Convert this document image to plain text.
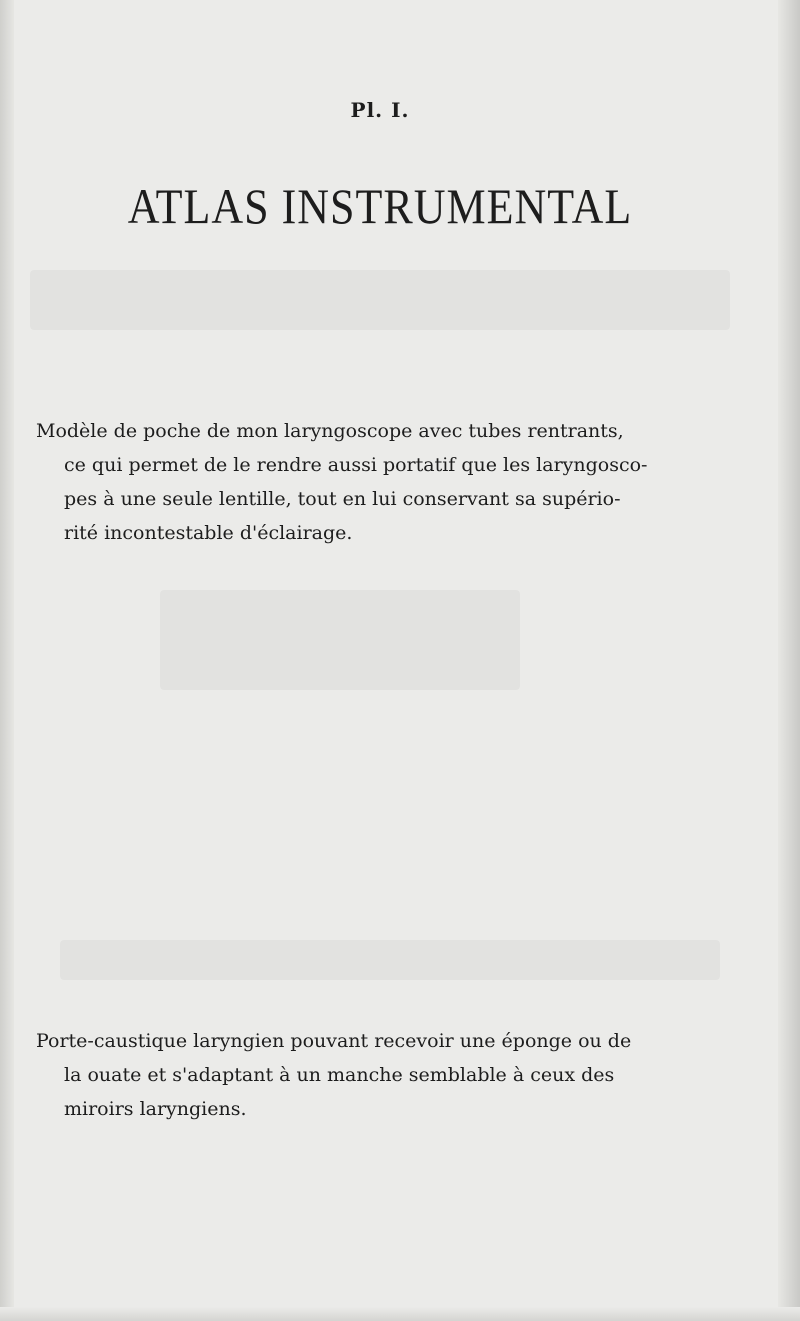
Pl. I.
ATLAS INSTRUMENTAL
Modèle de poche de mon laryngoscope avec tubes rentrants,
ce qui permet de le rendre aussi portatif que les laryngosco-
pes à une seule lentille, tout en lui conservant sa supério-
rité incontestable d'éclairage.
Porte-caustique laryngien pouvant recevoir une éponge ou de
la ouate et s'adaptant à un manche semblable à ceux des
miroirs laryngiens.
